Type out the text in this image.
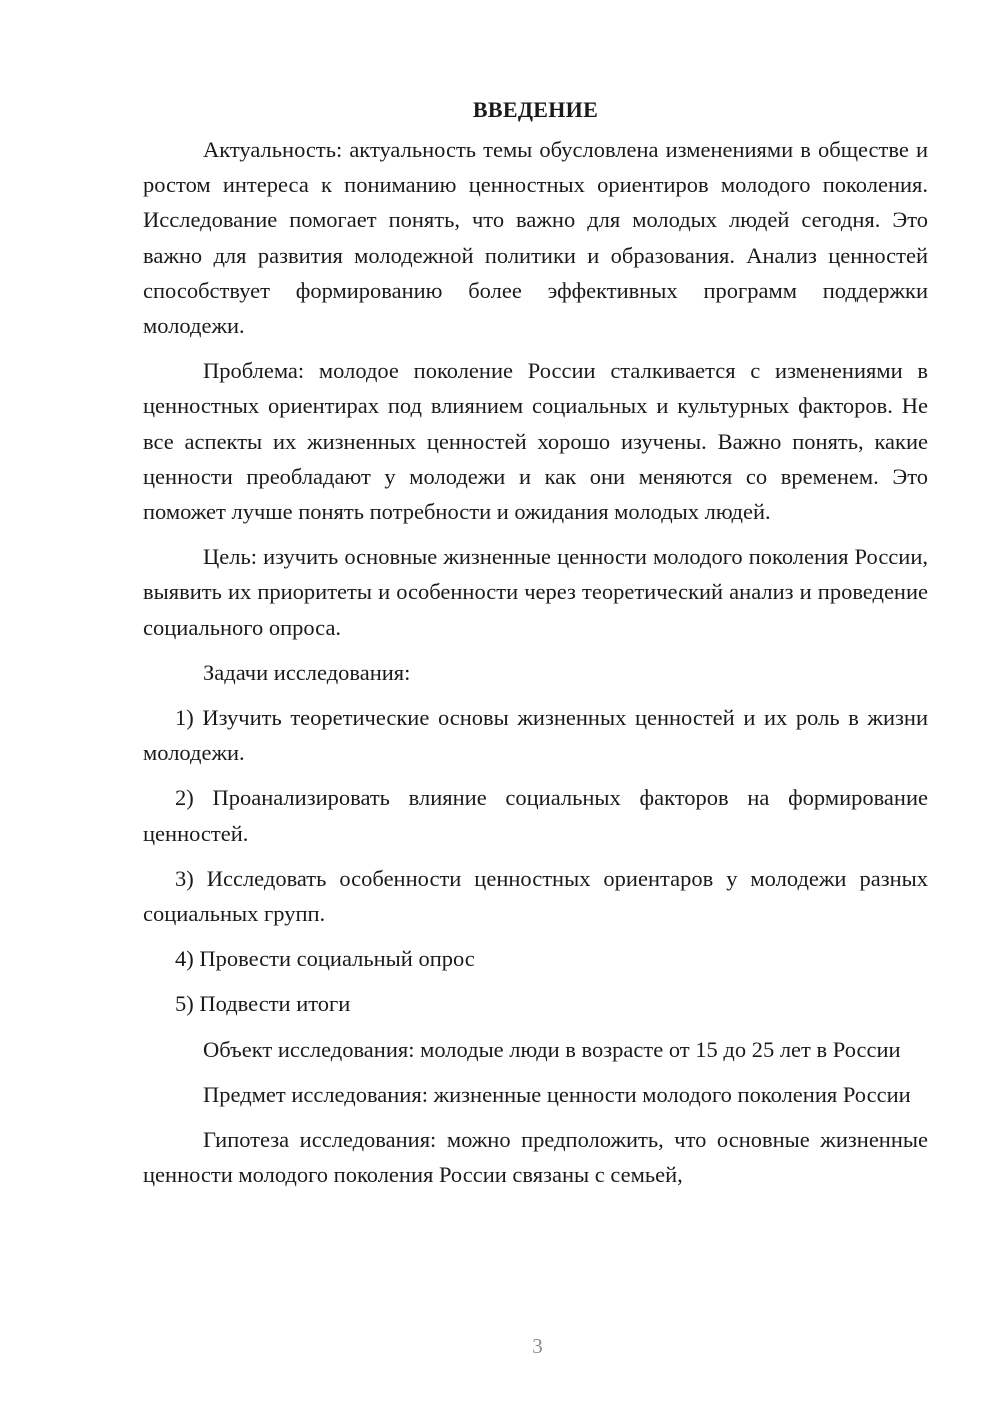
ВВЕДЕНИЕ

Актуальность: актуальность темы обусловлена изменениями в обществе и ростом интереса к пониманию ценностных ориентиров молодого поколения. Исследование помогает понять, что важно для молодых людей сегодня. Это важно для развития молодежной политики и образования. Анализ ценностей способствует формированию более эффективных программ поддержки молодежи.

Проблема: молодое поколение России сталкивается с изменениями в ценностных ориентирах под влиянием социальных и культурных факторов. Не все аспекты их жизненных ценностей хорошо изучены. Важно понять, какие ценности преобладают у молодежи и как они меняются со временем. Это поможет лучше понять потребности и ожидания молодых людей.

Цель: изучить основные жизненные ценности молодого поколения России, выявить их приоритеты и особенности через теоретический анализ и проведение социального опроса.

Задачи исследования:

1) Изучить теоретические основы жизненных ценностей и их роль в жизни молодежи.

2) Проанализировать влияние социальных факторов на формирование ценностей.

3) Исследовать особенности ценностных ориентаров у молодежи разных социальных групп.

4) Провести социальный опрос

5) Подвести итоги

Объект исследования: молодые люди в возрасте от 15 до 25 лет в России

Предмет исследования: жизненные ценности молодого поколения России

Гипотеза исследования: можно предположить, что основные жизненные ценности молодого поколения России связаны с семьей,

3
